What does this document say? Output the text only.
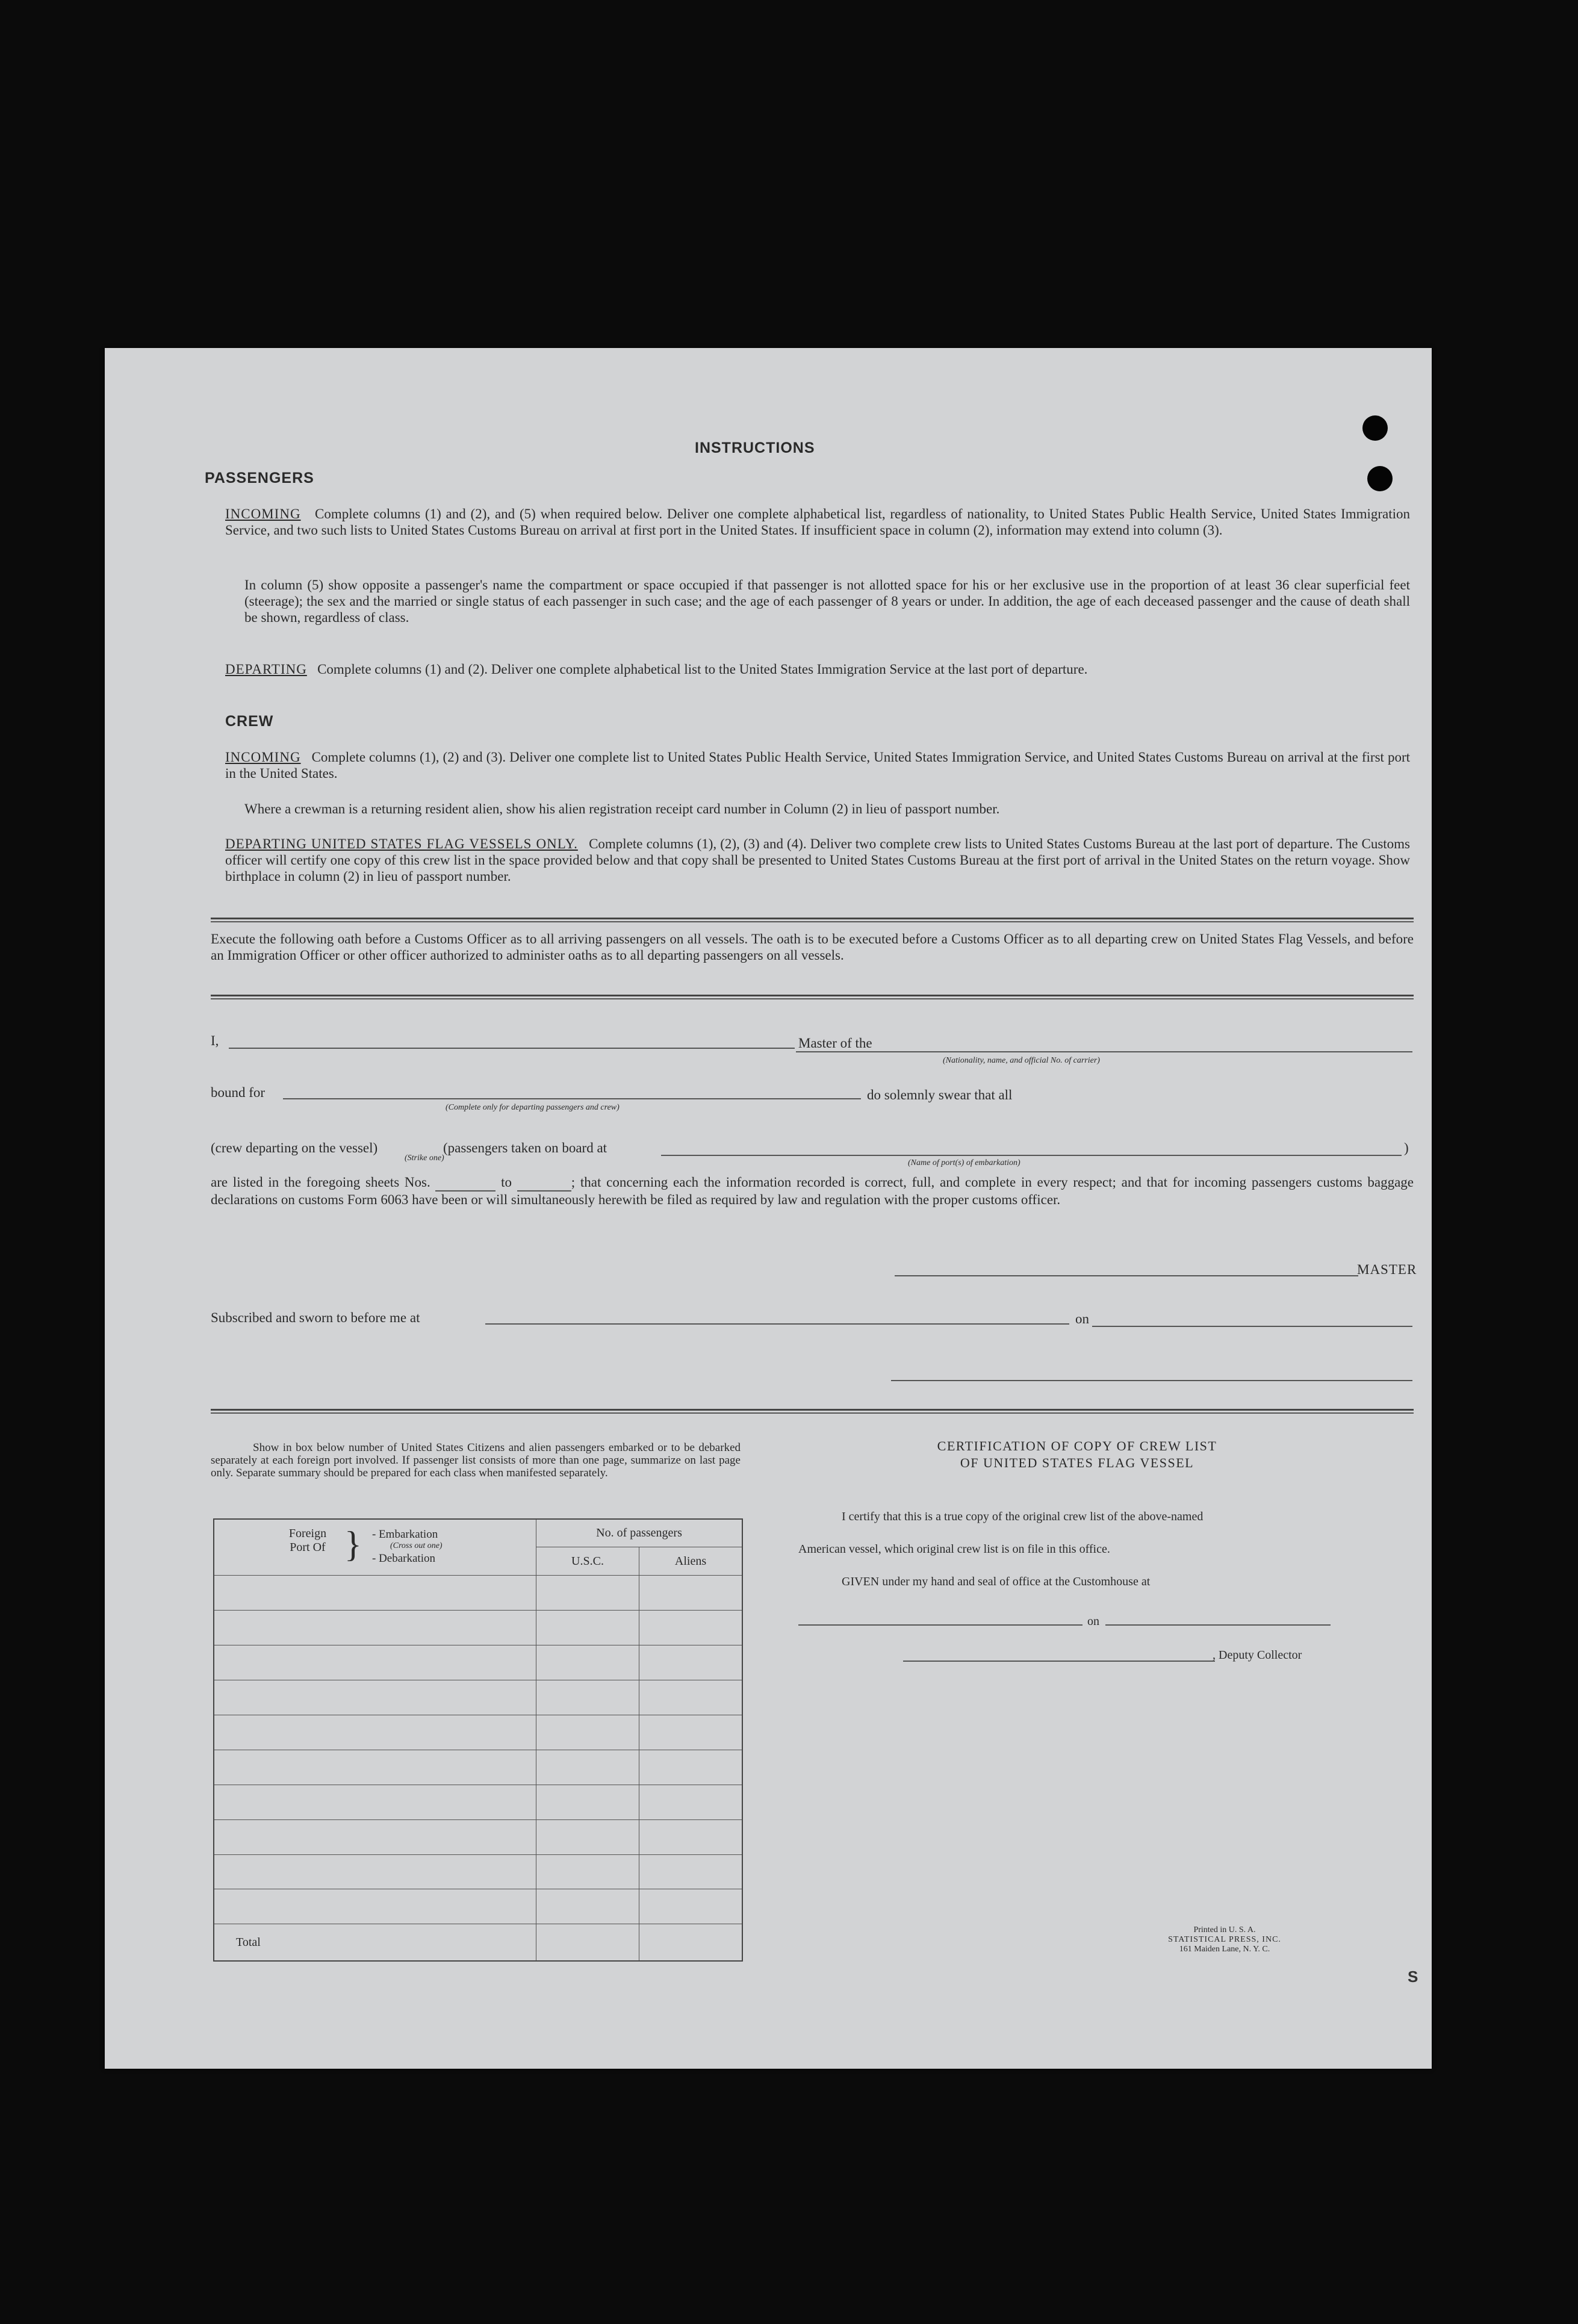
INSTRUCTIONS
PASSENGERS
INCOMING Complete columns (1) and (2), and (5) when required below. Deliver one complete alphabetical list, regardless of nationality, to United States Public Health Service, United States Immigration Service, and two such lists to United States Customs Bureau on arrival at first port in the United States. If insufficient space in column (2), information may extend into column (3).
In column (5) show opposite a passenger's name the compartment or space occupied if that passenger is not allotted space for his or her exclusive use in the proportion of at least 36 clear superficial feet (steerage); the sex and the married or single status of each passenger in such case; and the age of each passenger of 8 years or under. In addition, the age of each deceased passenger and the cause of death shall be shown, regardless of class.
DEPARTING Complete columns (1) and (2). Deliver one complete alphabetical list to the United States Immigration Service at the last port of departure.
CREW
INCOMING Complete columns (1), (2) and (3). Deliver one complete list to United States Public Health Service, United States Immigration Service, and United States Customs Bureau on arrival at the first port in the United States.
Where a crewman is a returning resident alien, show his alien registration receipt card number in Column (2) in lieu of passport number.
DEPARTING UNITED STATES FLAG VESSELS ONLY. Complete columns (1), (2), (3) and (4). Deliver two complete crew lists to United States Customs Bureau at the last port of departure. The Customs officer will certify one copy of this crew list in the space provided below and that copy shall be presented to United States Customs Bureau at the first port of arrival in the United States on the return voyage. Show birthplace in column (2) in lieu of passport number.
Execute the following oath before a Customs Officer as to all arriving passengers on all vessels. The oath is to be executed before a Customs Officer as to all departing crew on United States Flag Vessels, and before an Immigration Officer or other officer authorized to administer oaths as to all departing passengers on all vessels.
I,	Master of the
(Nationality, name, and official No. of carrier)
bound for
(Complete only for departing passengers and crew)
do solemnly swear that all
(crew departing on the vessel)
(Strike one)
(passengers taken on board at
(Name of port(s) of embarkation)
)
are listed in the foregoing sheets Nos.	to	; that concerning each the information recorded is correct, full, and complete in every respect; and that for incoming passengers customs baggage declarations on customs Form 6063 have been or will simultaneously herewith be filed as required by law and regulation with the proper customs officer.
MASTER
Subscribed and sworn to before me at	on
Show in box below number of United States Citizens and alien passengers embarked or to be debarked separately at each foreign port involved. If passenger list consists of more than one page, summarize on last page only. Separate summary should be prepared for each class when manifested separately.
Foreign Port Of } - Embarkation
(Cross out one)
- Debarkation	No. of passengers	
	U.S.C.	Aliens

Total		
CERTIFICATION OF COPY OF CREW LIST
OF UNITED STATES FLAG VESSEL
I certify that this is a true copy of the original crew list of the above-named
American vessel, which original crew list is on file in this office.
GIVEN under my hand and seal of office at the Customhouse at
on
, Deputy Collector
Printed in U. S. A.
STATISTICAL PRESS, INC.
161 Maiden Lane, N. Y. C.
S
